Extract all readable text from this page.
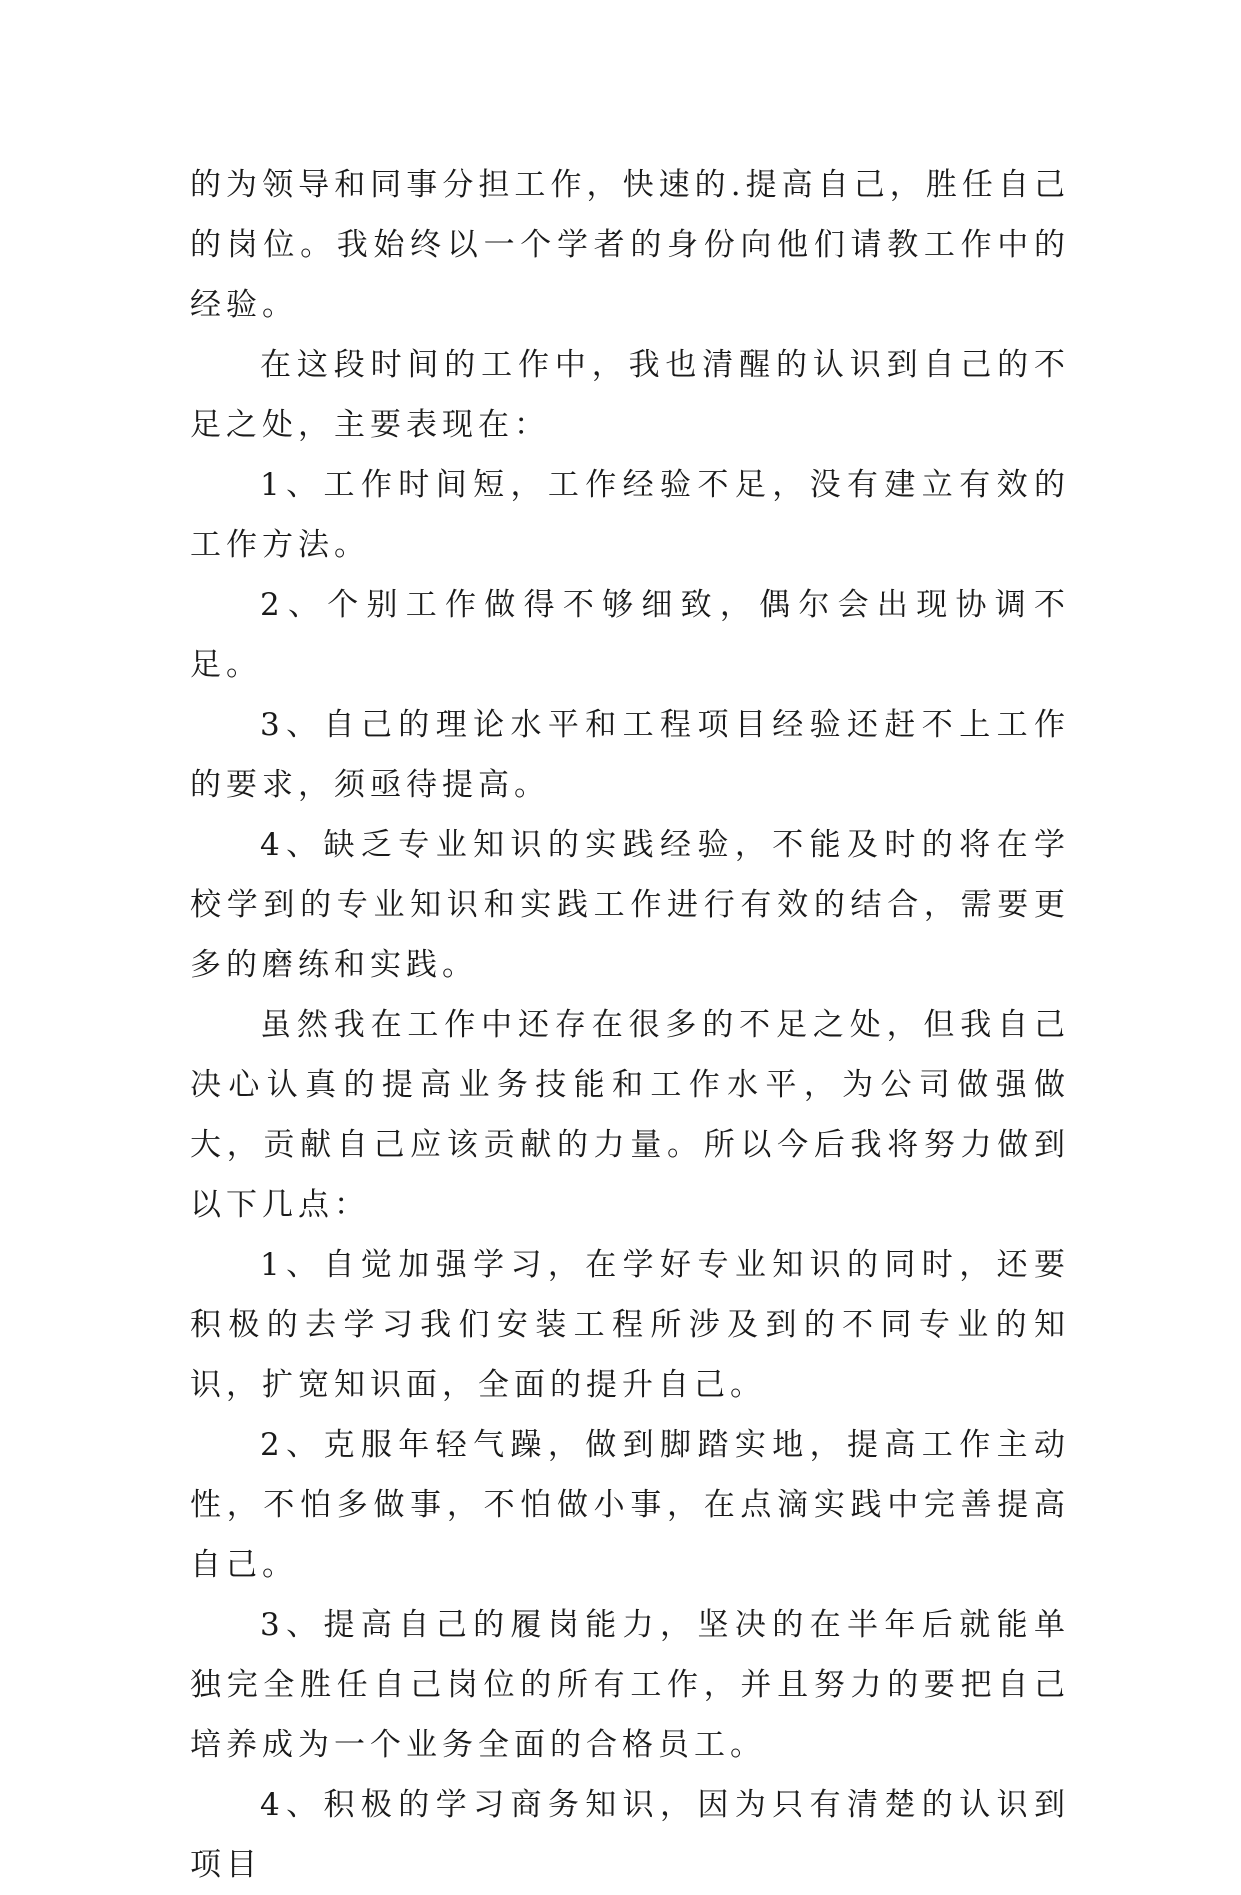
的为领导和同事分担工作，快速的.提高自己，胜任自己的岗位。我始终以一个学者的身份向他们请教工作中的经验。

在这段时间的工作中，我也清醒的认识到自己的不足之处，主要表现在：

1、工作时间短，工作经验不足，没有建立有效的工作方法。

2、个别工作做得不够细致，偶尔会出现协调不足。

3、自己的理论水平和工程项目经验还赶不上工作的要求，须亟待提高。

4、缺乏专业知识的实践经验，不能及时的将在学校学到的专业知识和实践工作进行有效的结合，需要更多的磨练和实践。

虽然我在工作中还存在很多的不足之处，但我自己决心认真的提高业务技能和工作水平，为公司做强做大，贡献自己应该贡献的力量。所以今后我将努力做到以下几点：

1、自觉加强学习，在学好专业知识的同时，还要积极的去学习我们安装工程所涉及到的不同专业的知识，扩宽知识面，全面的提升自己。

2、克服年轻气躁，做到脚踏实地，提高工作主动性，不怕多做事，不怕做小事，在点滴实践中完善提高自己。

3、提高自己的履岗能力，坚决的在半年后就能单独完全胜任自己岗位的所有工作，并且努力的要把自己培养成为一个业务全面的合格员工。

4、积极的学习商务知识，因为只有清楚的认识到项目
